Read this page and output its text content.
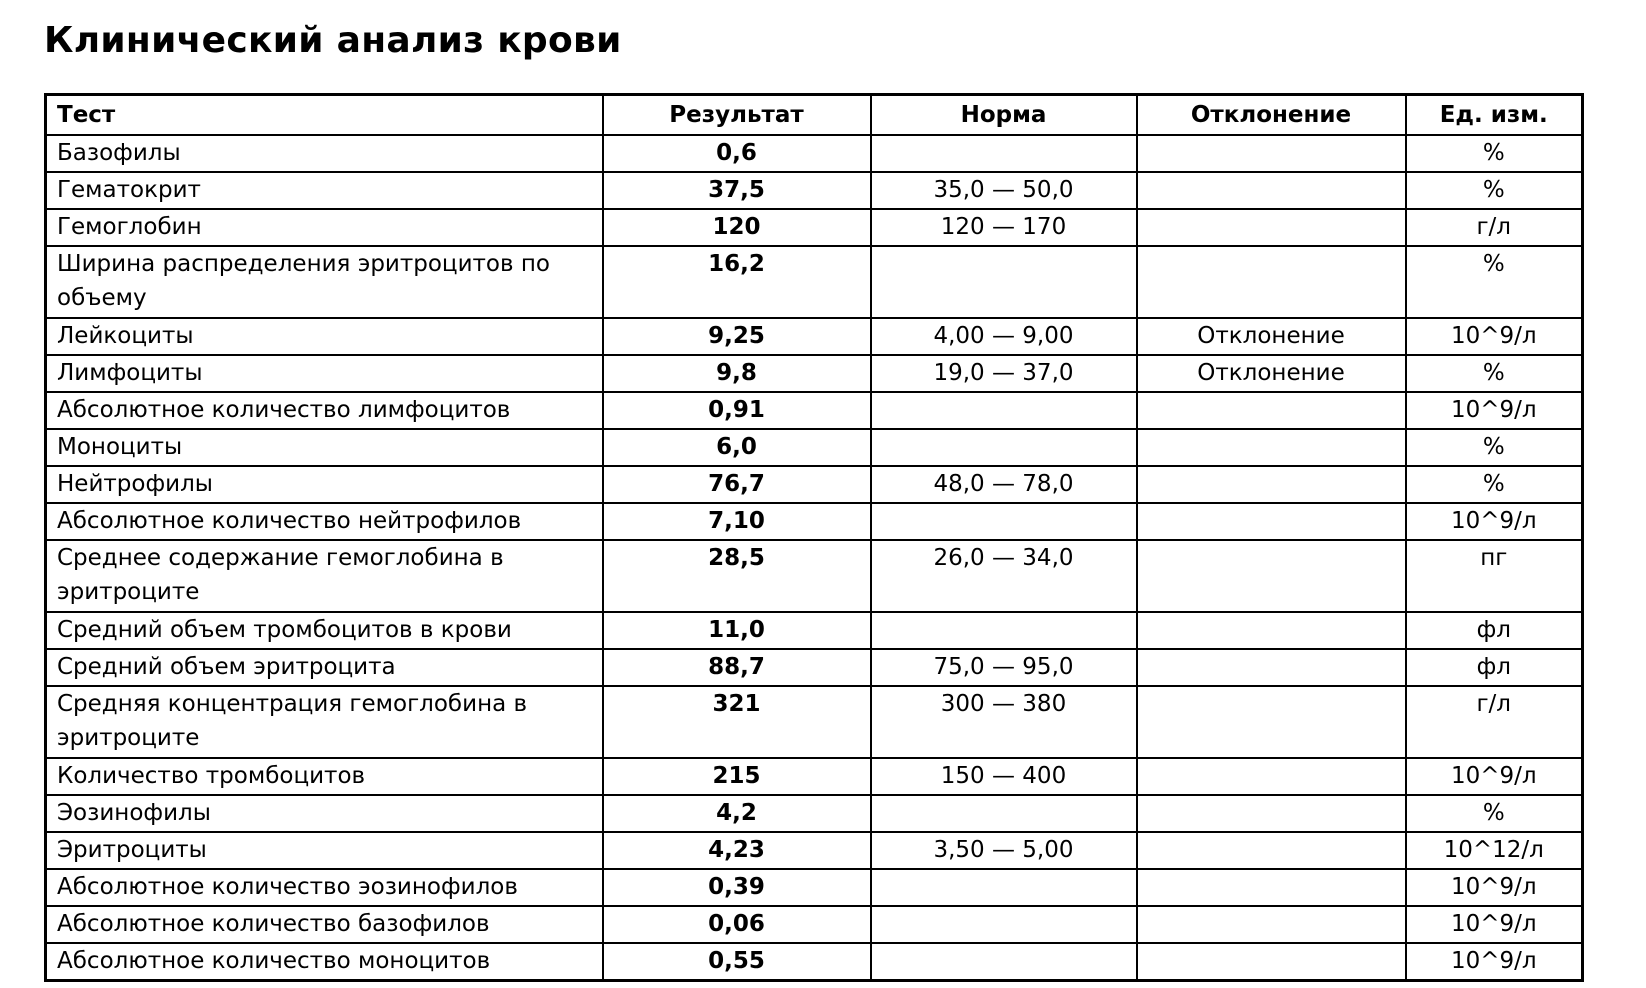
Клинический анализ крови
Тест	Результат	Норма	Отклонение	Ед. изм.
Базофилы	0,6			%
Гематокрит	37,5	35,0 — 50,0		%
Гемоглобин	120	120 — 170		г/л
Ширина распределения эритроцитов по объему	16,2			%
Лейкоциты	9,25	4,00 — 9,00	Отклонение	10^9/л
Лимфоциты	9,8	19,0 — 37,0	Отклонение	%
Абсолютное количество лимфоцитов	0,91			10^9/л
Моноциты	6,0			%
Нейтрофилы	76,7	48,0 — 78,0		%
Абсолютное количество нейтрофилов	7,10			10^9/л
Среднее содержание гемоглобина в эритроците	28,5	26,0 — 34,0		пг
Средний объем тромбоцитов в крови	11,0			фл
Средний объем эритроцита	88,7	75,0 — 95,0		фл
Средняя концентрация гемоглобина в эритроците	321	300 — 380		г/л
Количество тромбоцитов	215	150 — 400		10^9/л
Эозинофилы	4,2			%
Эритроциты	4,23	3,50 — 5,00		10^12/л
Абсолютное количество эозинофилов	0,39			10^9/л
Абсолютное количество базофилов	0,06			10^9/л
Абсолютное количество моноцитов	0,55			10^9/л
